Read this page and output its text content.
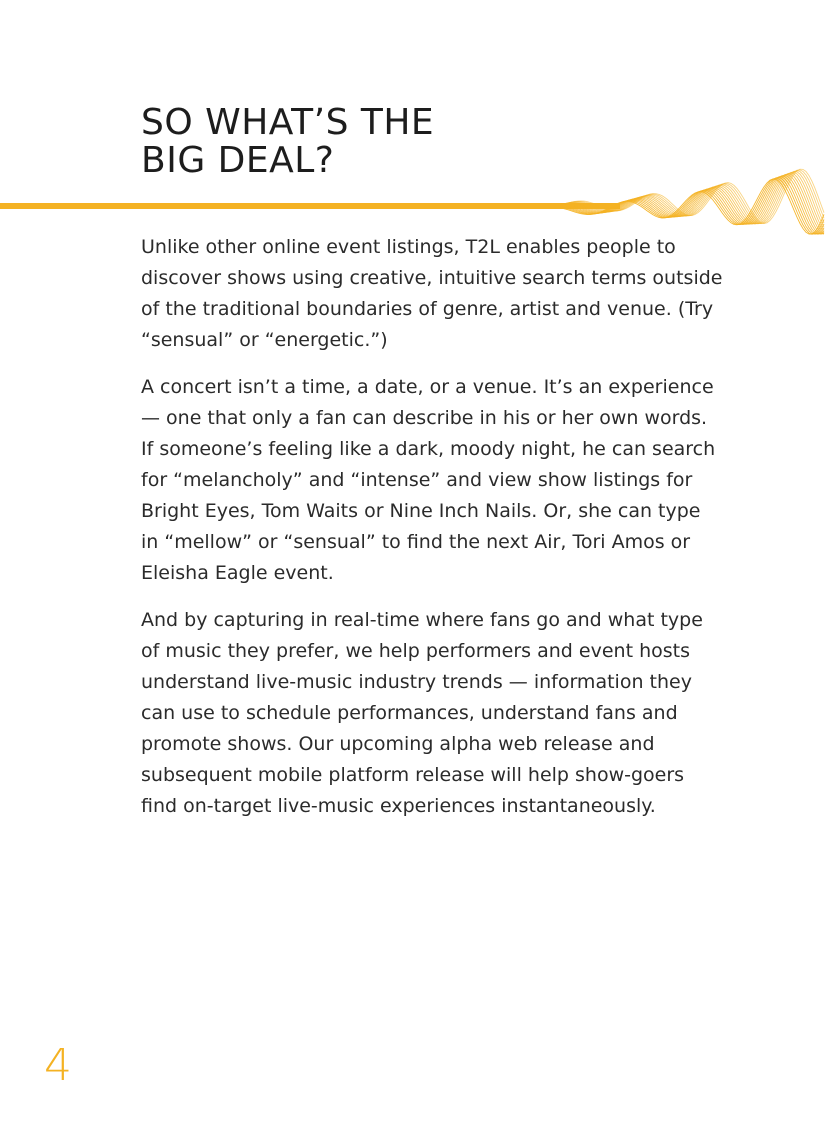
SO WHAT’S THE
BIG DEAL?

Unlike other online event listings, T2L enables people to
discover shows using creative, intuitive search terms outside
of the traditional boundaries of genre, artist and venue. (Try
“sensual” or “energetic.”)

A concert isn’t a time, a date, or a venue. It’s an experience
— one that only a fan can describe in his or her own words.
If someone’s feeling like a dark, moody night, he can search
for “melancholy” and “intense” and view show listings for
Bright Eyes, Tom Waits or Nine Inch Nails. Or, she can type
in “mellow” or “sensual” to find the next Air, Tori Amos or
Eleisha Eagle event.

And by capturing in real-time where fans go and what type
of music they prefer, we help performers and event hosts
understand live-music industry trends — information they
can use to schedule performances, understand fans and
promote shows. Our upcoming alpha web release and
subsequent mobile platform release will help show-goers
find on-target live-music experiences instantaneously.

4
